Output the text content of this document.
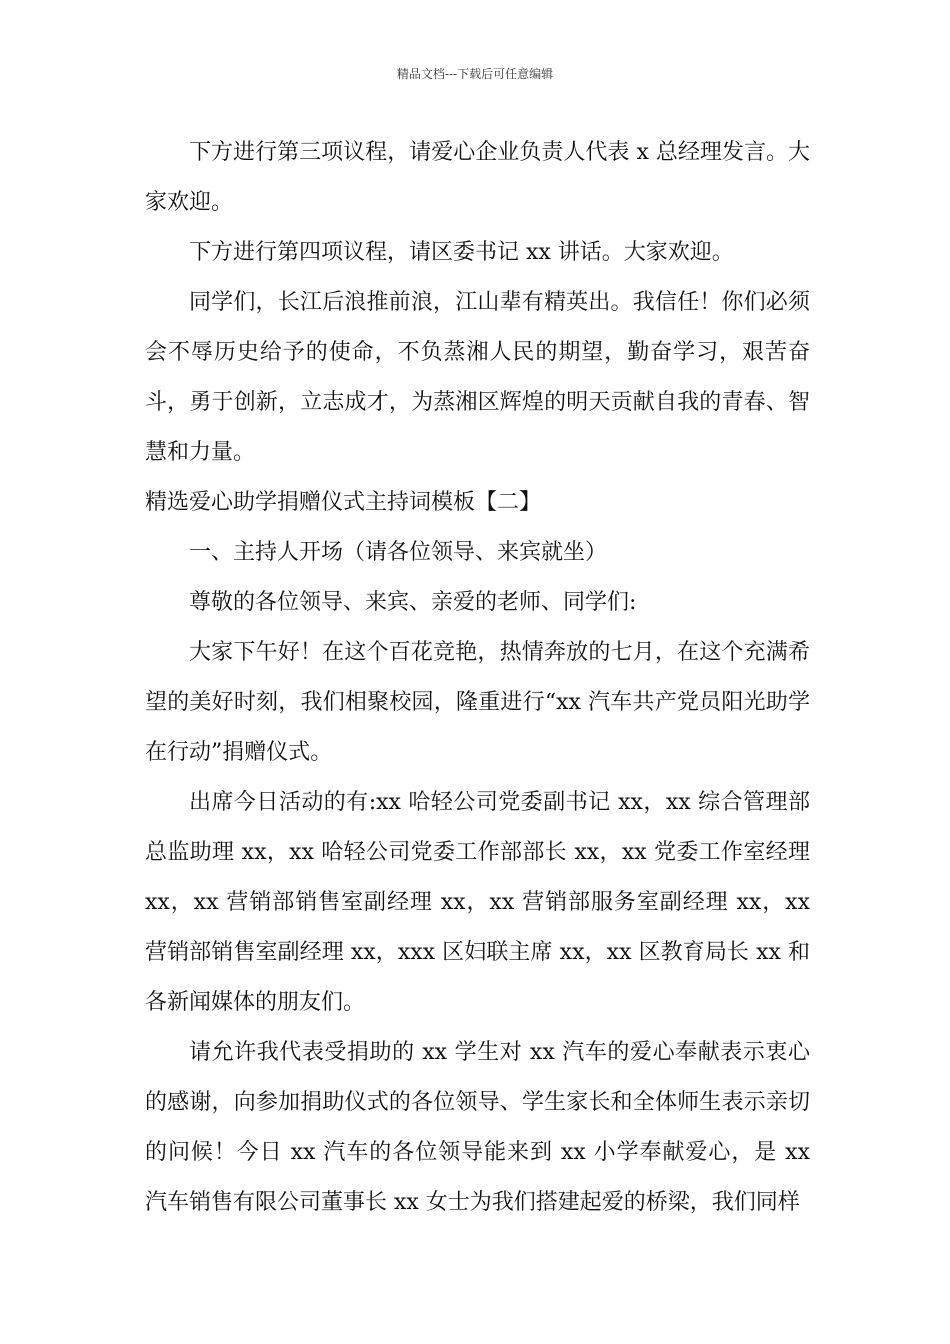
精品文档---下载后可任意编辑

下方进行第三项议程，请爱心企业负责人代表 x 总经理发言。大家欢迎。

下方进行第四项议程，请区委书记 xx 讲话。大家欢迎。

同学们，长江后浪推前浪，江山辈有精英出。我信任！你们必须会不辱历史给予的使命，不负蒸湘人民的期望，勤奋学习，艰苦奋斗，勇于创新，立志成才，为蒸湘区辉煌的明天贡献自我的青春、智慧和力量。

精选爱心助学捐赠仪式主持词模板【二】

一、主持人开场（请各位领导、来宾就坐）

尊敬的各位领导、来宾、亲爱的老师、同学们:

大家下午好！在这个百花竞艳，热情奔放的七月，在这个充满希望的美好时刻，我们相聚校园，隆重进行“xx 汽车共产党员阳光助学在行动”捐赠仪式。

出席今日活动的有:xx 哈轻公司党委副书记 xx，xx 综合管理部总监助理 xx，xx 哈轻公司党委工作部部长 xx，xx 党委工作室经理 xx，xx 营销部销售室副经理 xx，xx 营销部服务室副经理 xx，xx 营销部销售室副经理 xx，xxx 区妇联主席 xx，xx 区教育局长 xx 和各新闻媒体的朋友们。

请允许我代表受捐助的 xx 学生对 xx 汽车的爱心奉献表示衷心的感谢，向参加捐助仪式的各位领导、学生家长和全体师生表示亲切的问候！今日 xx 汽车的各位领导能来到 xx 小学奉献爱心，是 xx 汽车销售有限公司董事长 xx 女士为我们搭建起爱的桥梁，我们同样
